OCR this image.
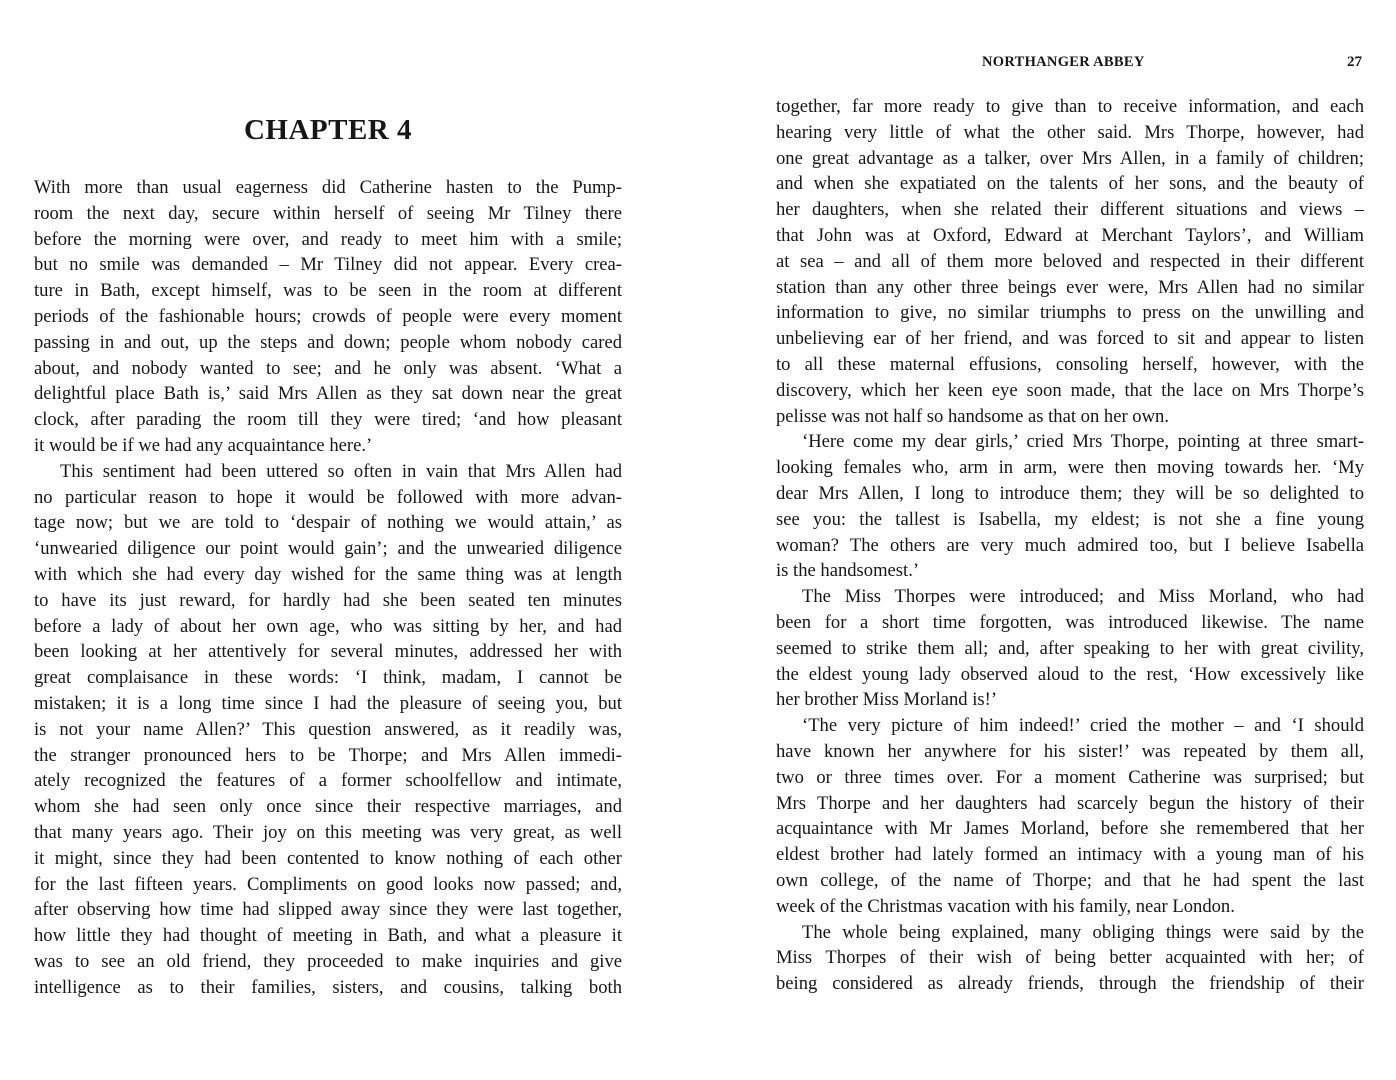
CHAPTER 4
With more than usual eagerness did Catherine hasten to the Pump-
room the next day, secure within herself of seeing Mr Tilney there
before the morning were over, and ready to meet him with a smile;
but no smile was demanded – Mr Tilney did not appear. Every crea-
ture in Bath, except himself, was to be seen in the room at different
periods of the fashionable hours; crowds of people were every moment
passing in and out, up the steps and down; people whom nobody cared
about, and nobody wanted to see; and he only was absent. ‘What a
delightful place Bath is,’ said Mrs Allen as they sat down near the great
clock, after parading the room till they were tired; ‘and how pleasant
it would be if we had any acquaintance here.’
This sentiment had been uttered so often in vain that Mrs Allen had
no particular reason to hope it would be followed with more advan-
tage now; but we are told to ‘despair of nothing we would attain,’ as
‘unwearied diligence our point would gain’; and the unwearied diligence
with which she had every day wished for the same thing was at length
to have its just reward, for hardly had she been seated ten minutes
before a lady of about her own age, who was sitting by her, and had
been looking at her attentively for several minutes, addressed her with
great complaisance in these words: ‘I think, madam, I cannot be
mistaken; it is a long time since I had the pleasure of seeing you, but
is not your name Allen?’ This question answered, as it readily was,
the stranger pronounced hers to be Thorpe; and Mrs Allen immedi-
ately recognized the features of a former schoolfellow and intimate,
whom she had seen only once since their respective marriages, and
that many years ago. Their joy on this meeting was very great, as well
it might, since they had been contented to know nothing of each other
for the last fifteen years. Compliments on good looks now passed; and,
after observing how time had slipped away since they were last together,
how little they had thought of meeting in Bath, and what a pleasure it
was to see an old friend, they proceeded to make inquiries and give
intelligence as to their families, sisters, and cousins, talking both
NORTHANGER ABBEY	27
together, far more ready to give than to receive information, and each
hearing very little of what the other said. Mrs Thorpe, however, had
one great advantage as a talker, over Mrs Allen, in a family of children;
and when she expatiated on the talents of her sons, and the beauty of
her daughters, when she related their different situations and views –
that John was at Oxford, Edward at Merchant Taylors’, and William
at sea – and all of them more beloved and respected in their different
station than any other three beings ever were, Mrs Allen had no similar
information to give, no similar triumphs to press on the unwilling and
unbelieving ear of her friend, and was forced to sit and appear to listen
to all these maternal effusions, consoling herself, however, with the
discovery, which her keen eye soon made, that the lace on Mrs Thorpe’s
pelisse was not half so handsome as that on her own.
‘Here come my dear girls,’ cried Mrs Thorpe, pointing at three smart-
looking females who, arm in arm, were then moving towards her. ‘My
dear Mrs Allen, I long to introduce them; they will be so delighted to
see you: the tallest is Isabella, my eldest; is not she a fine young
woman? The others are very much admired too, but I believe Isabella
is the handsomest.’
The Miss Thorpes were introduced; and Miss Morland, who had
been for a short time forgotten, was introduced likewise. The name
seemed to strike them all; and, after speaking to her with great civility,
the eldest young lady observed aloud to the rest, ‘How excessively like
her brother Miss Morland is!’
‘The very picture of him indeed!’ cried the mother – and ‘I should
have known her anywhere for his sister!’ was repeated by them all,
two or three times over. For a moment Catherine was surprised; but
Mrs Thorpe and her daughters had scarcely begun the history of their
acquaintance with Mr James Morland, before she remembered that her
eldest brother had lately formed an intimacy with a young man of his
own college, of the name of Thorpe; and that he had spent the last
week of the Christmas vacation with his family, near London.
The whole being explained, many obliging things were said by the
Miss Thorpes of their wish of being better acquainted with her; of
being considered as already friends, through the friendship of their
